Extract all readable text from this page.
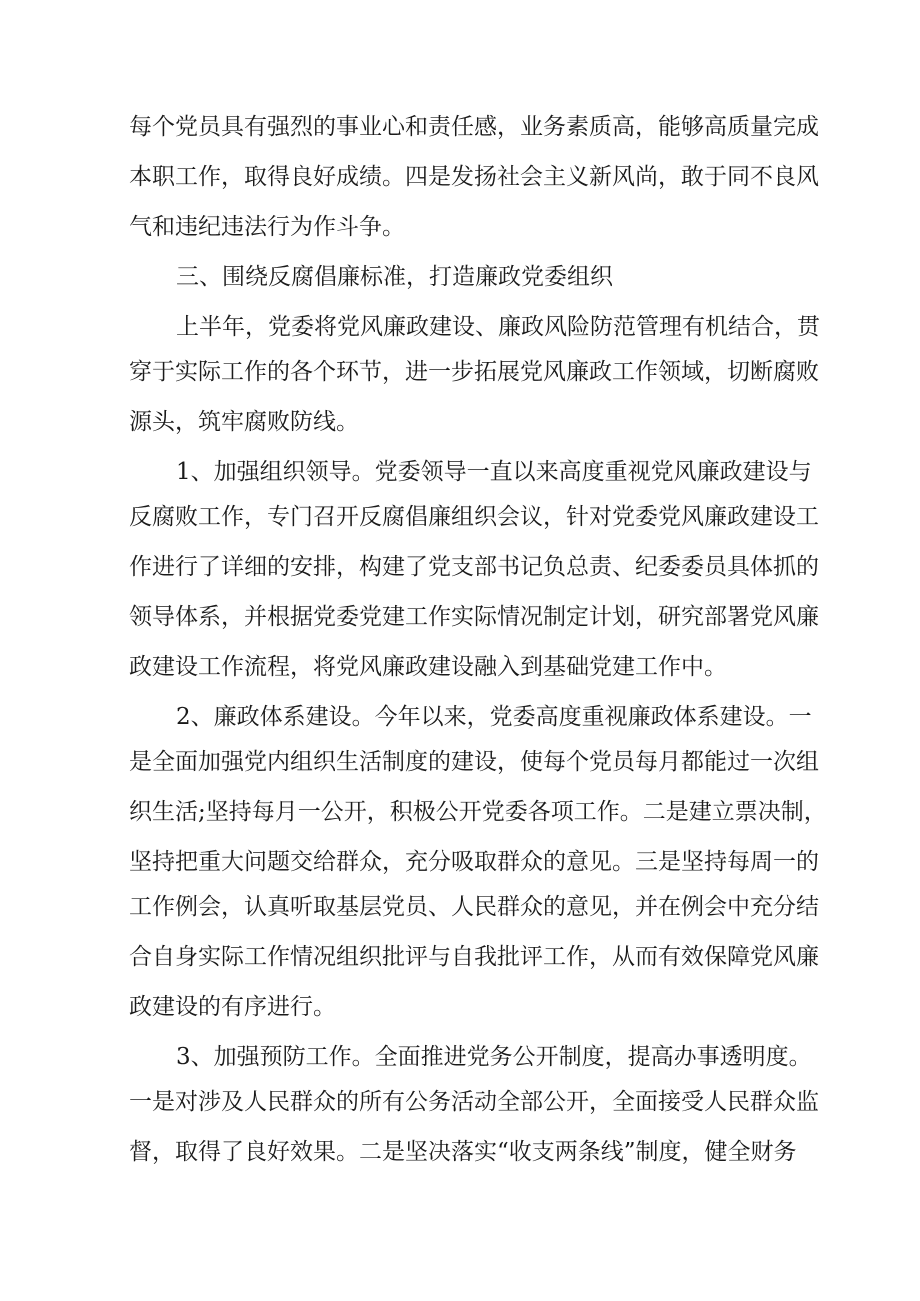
每个党员具有强烈的事业心和责任感，业务素质高，能够高质量完成

本职工作，取得良好成绩。四是发扬社会主义新风尚，敢于同不良风

气和违纪违法行为作斗争。

三、围绕反腐倡廉标准，打造廉政党委组织

上半年，党委将党风廉政建设、廉政风险防范管理有机结合，贯

穿于实际工作的各个环节，进一步拓展党风廉政工作领域，切断腐败

源头，筑牢腐败防线。

1、加强组织领导。党委领导一直以来高度重视党风廉政建设与

反腐败工作，专门召开反腐倡廉组织会议，针对党委党风廉政建设工

作进行了详细的安排，构建了党支部书记负总责、纪委委员具体抓的

领导体系，并根据党委党建工作实际情况制定计划，研究部署党风廉

政建设工作流程，将党风廉政建设融入到基础党建工作中。

2、廉政体系建设。今年以来，党委高度重视廉政体系建设。一

是全面加强党内组织生活制度的建设，使每个党员每月都能过一次组

织生活;坚持每月一公开，积极公开党委各项工作。二是建立票决制，

坚持把重大问题交给群众，充分吸取群众的意见。三是坚持每周一的

工作例会，认真听取基层党员、人民群众的意见，并在例会中充分结

合自身实际工作情况组织批评与自我批评工作，从而有效保障党风廉

政建设的有序进行。

3、加强预防工作。全面推进党务公开制度，提高办事透明度。

一是对涉及人民群众的所有公务活动全部公开，全面接受人民群众监

督，取得了良好效果。二是坚决落实“收支两条线”制度，健全财务
